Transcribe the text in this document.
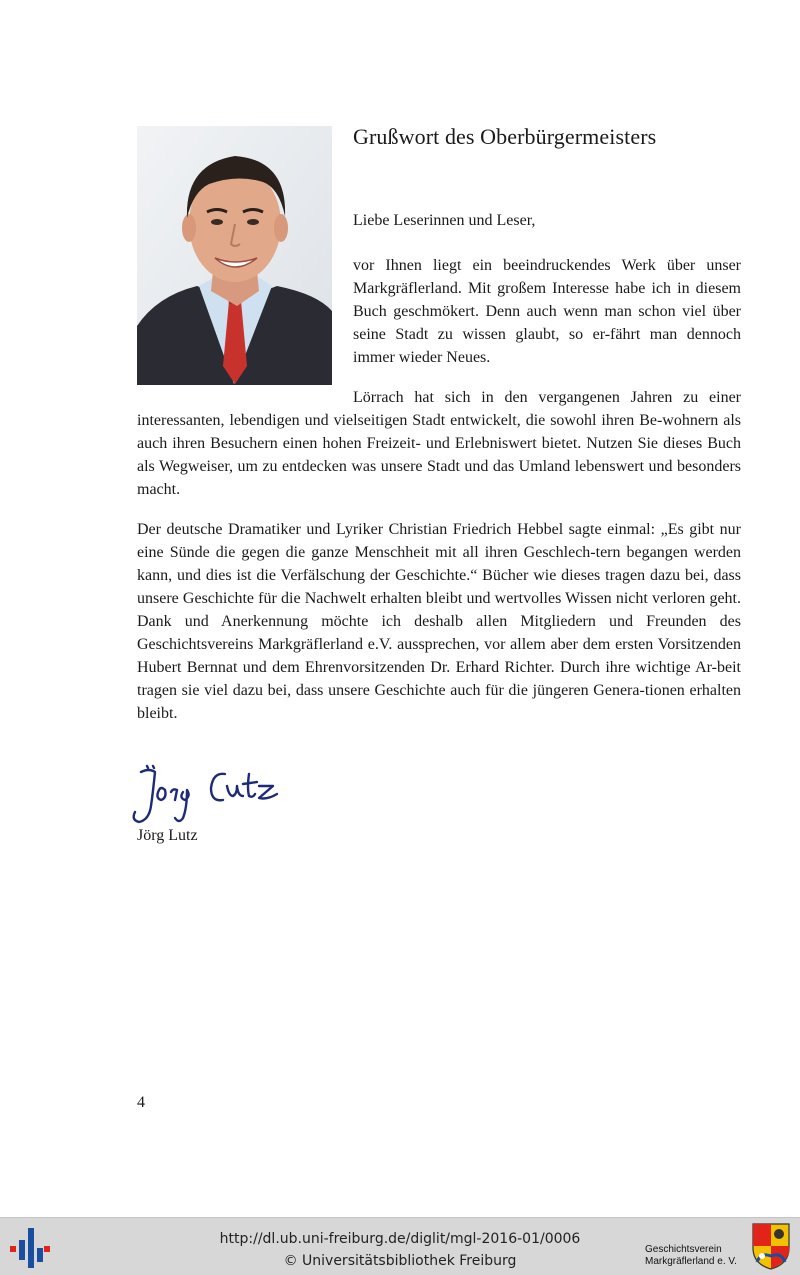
Grußwort des Oberbürgermeisters

Liebe Leserinnen und Leser,

vor Ihnen liegt ein beeindruckendes Werk über unser Markgräflerland. Mit großem Interesse habe ich in diesem Buch geschmökert. Denn auch wenn man schon viel über seine Stadt zu wissen glaubt, so er-fährt man dennoch immer wieder Neues.

Lörrach hat sich in den vergangenen Jahren zu einer interessanten, lebendigen und vielseitigen Stadt entwickelt, die sowohl ihren Be-wohnern als auch ihren Besuchern einen hohen Freizeit- und Erlebniswert bietet. Nutzen Sie dieses Buch als Wegweiser, um zu entdecken was unsere Stadt und das Umland lebenswert und besonders macht.

Der deutsche Dramatiker und Lyriker Christian Friedrich Hebbel sagte einmal: „Es gibt nur eine Sünde die gegen die ganze Menschheit mit all ihren Geschlech-tern begangen werden kann, und dies ist die Verfälschung der Geschichte.“ Bücher wie dieses tragen dazu bei, dass unsere Geschichte für die Nachwelt erhalten bleibt und wertvolles Wissen nicht verloren geht. Dank und Anerkennung möchte ich deshalb allen Mitgliedern und Freunden des Geschichtsvereins Markgräflerland e.V. aussprechen, vor allem aber dem ersten Vorsitzenden Hubert Bernnat und dem Ehrenvorsitzenden Dr. Erhard Richter. Durch ihre wichtige Ar-beit tragen sie viel dazu bei, dass unsere Geschichte auch für die jüngeren Genera-tionen erhalten bleibt.

Jörg Lutz

4

http://dl.ub.uni-freiburg.de/diglit/mgl-2016-01/0006
© Universitätsbibliothek Freiburg
Geschichtsverein
Markgräflerland e. V.
